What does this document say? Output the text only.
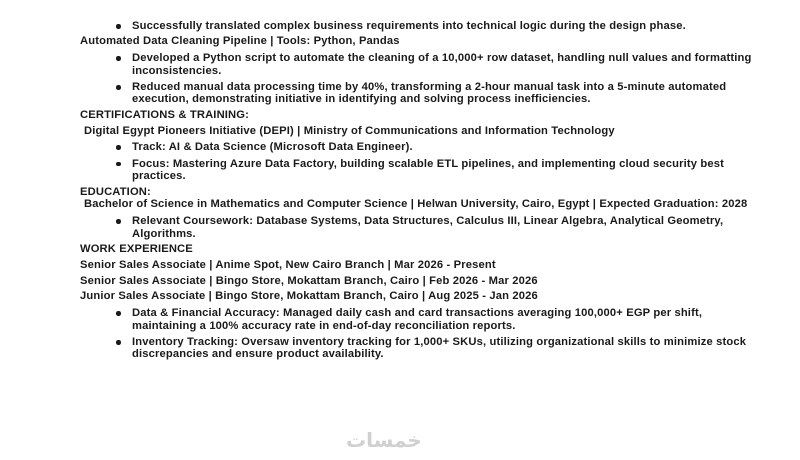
Successfully translated complex business requirements into technical logic during the design phase.
Automated Data Cleaning Pipeline | Tools: Python, Pandas
Developed a Python script to automate the cleaning of a 10,000+ row dataset, handling null values and formatting inconsistencies.
Reduced manual data processing time by 40%, transforming a 2-hour manual task into a 5-minute automated execution, demonstrating initiative in identifying and solving process inefficiencies.
CERTIFICATIONS & TRAINING:
Digital Egypt Pioneers Initiative (DEPI) | Ministry of Communications and Information Technology
Track: AI & Data Science (Microsoft Data Engineer).
Focus: Mastering Azure Data Factory, building scalable ETL pipelines, and implementing cloud security best practices.
EDUCATION:
Bachelor of Science in Mathematics and Computer Science | Helwan University, Cairo, Egypt | Expected Graduation: 2028
Relevant Coursework: Database Systems, Data Structures, Calculus III, Linear Algebra, Analytical Geometry, Algorithms.
WORK EXPERIENCE
Senior Sales Associate | Anime Spot, New Cairo Branch | Mar 2026 - Present
Senior Sales Associate | Bingo Store, Mokattam Branch, Cairo | Feb 2026 - Mar 2026
Junior Sales Associate | Bingo Store, Mokattam Branch, Cairo | Aug 2025 - Jan 2026
Data & Financial Accuracy: Managed daily cash and card transactions averaging 100,000+ EGP per shift, maintaining a 100% accuracy rate in end-of-day reconciliation reports.
Inventory Tracking: Oversaw inventory tracking for 1,000+ SKUs, utilizing organizational skills to minimize stock discrepancies and ensure product availability.
خمسات
